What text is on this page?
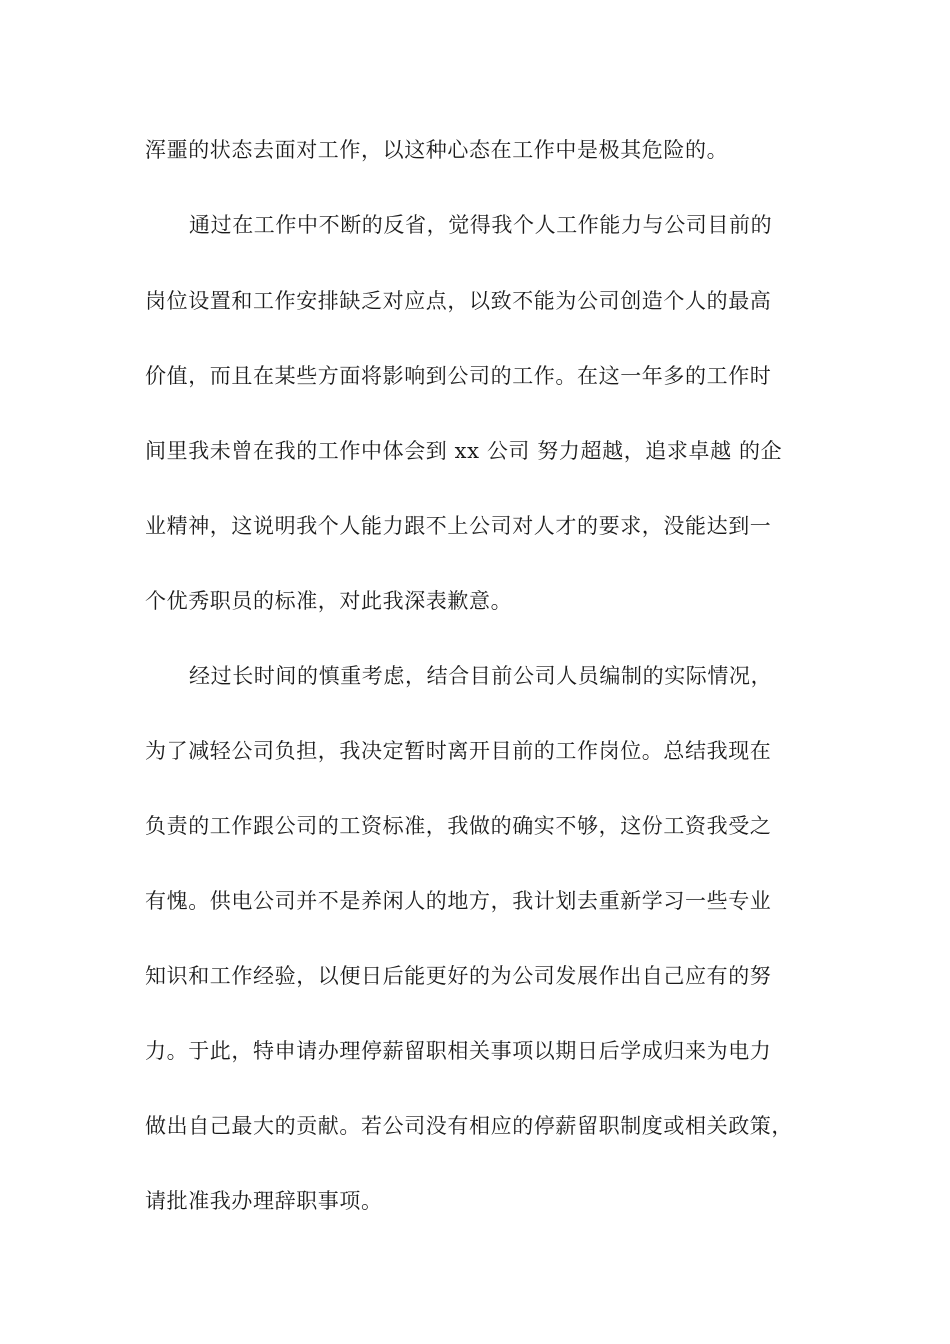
浑噩的状态去面对工作，以这种心态在工作中是极其危险的。
通过在工作中不断的反省，觉得我个人工作能力与公司目前的
岗位设置和工作安排缺乏对应点，以致不能为公司创造个人的最高
价值，而且在某些方面将影响到公司的工作。在这一年多的工作时
间里我未曾在我的工作中体会到 xx 公司 努力超越，追求卓越 的企
业精神，这说明我个人能力跟不上公司对人才的要求，没能达到一
个优秀职员的标准，对此我深表歉意。
经过长时间的慎重考虑，结合目前公司人员编制的实际情况，
为了减轻公司负担，我决定暂时离开目前的工作岗位。总结我现在
负责的工作跟公司的工资标准，我做的确实不够，这份工资我受之
有愧。供电公司并不是养闲人的地方，我计划去重新学习一些专业
知识和工作经验，以便日后能更好的为公司发展作出自己应有的努
力。于此，特申请办理停薪留职相关事项以期日后学成归来为电力
做出自己最大的贡献。若公司没有相应的停薪留职制度或相关政策，
请批准我办理辞职事项。
